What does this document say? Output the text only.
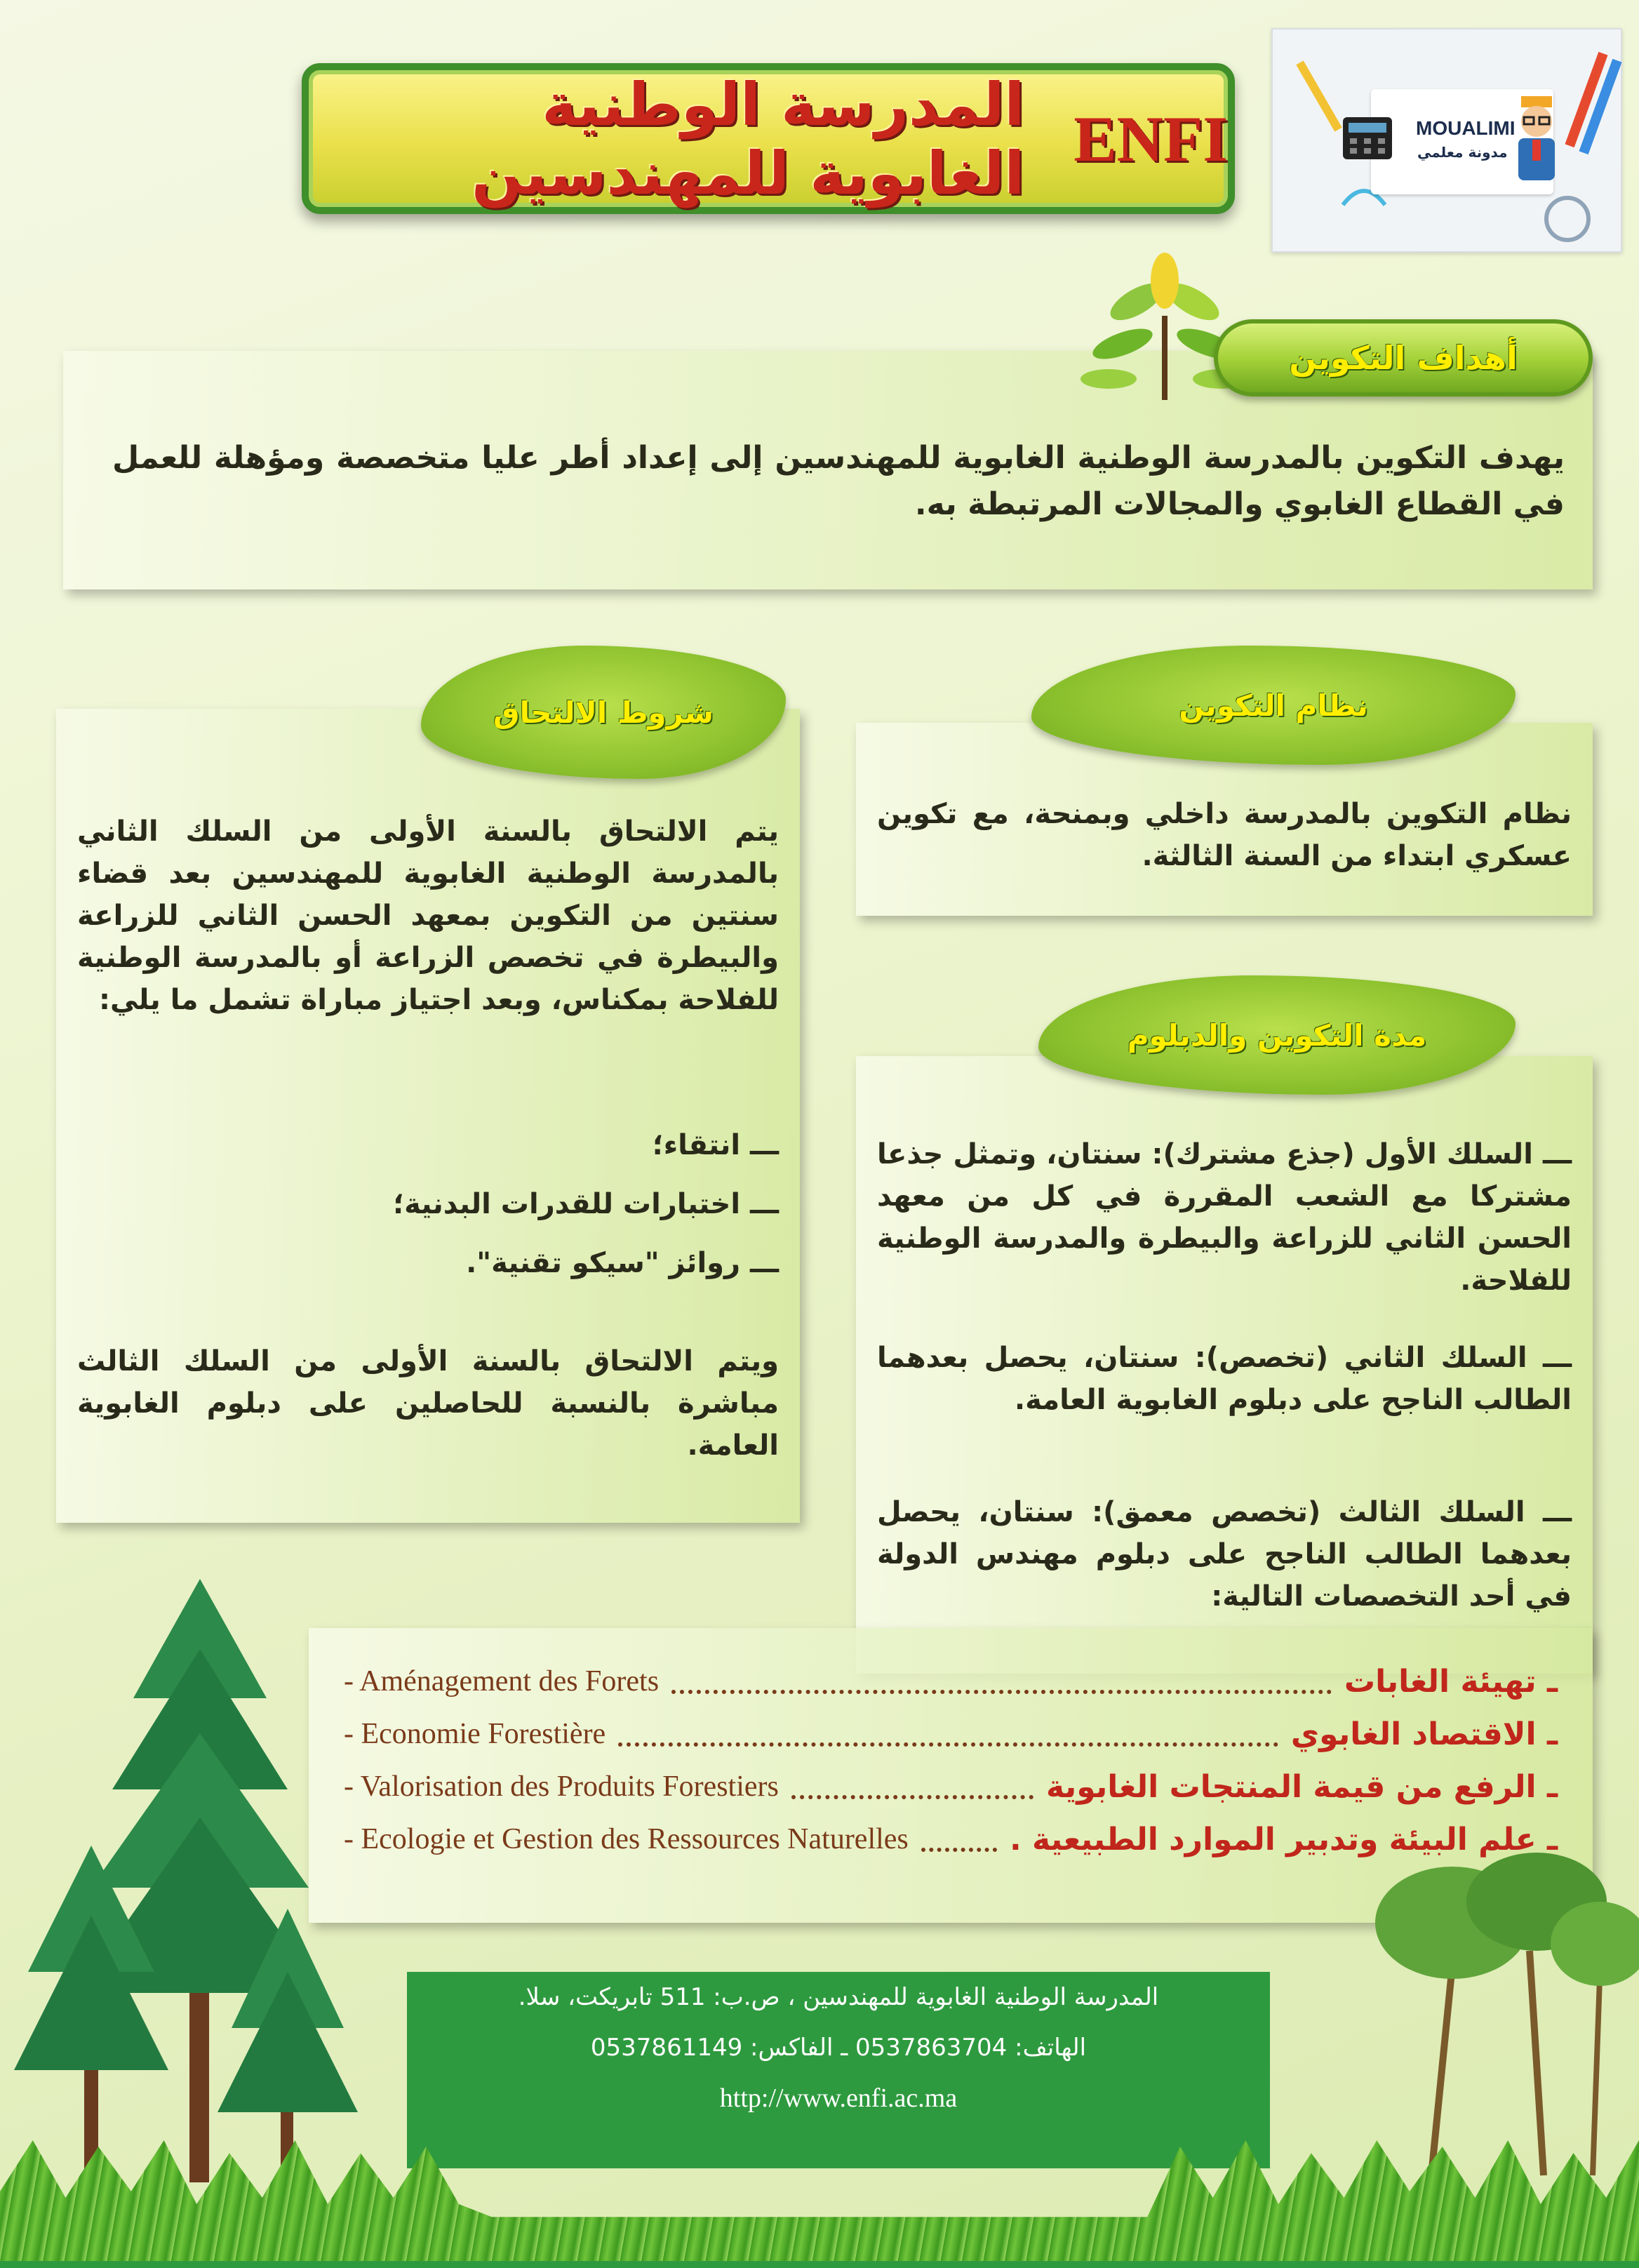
المدرسة الوطنية الغابوية للمهندسين ENFI	MOUALIMI
مدونة معلمي

يهدف التكوين بالمدرسة الوطنية الغابوية للمهندسين إلى إعداد أطر عليا متخصصة ومؤهلة للعمل في القطاع الغابوي والمجالات المرتبطة به.

أهداف التكوين

نظام التكوين بالمدرسة داخلي وبمنحة، مع تكوين عسكري ابتداء من السنة الثالثة.

نظام التكوين

يتم الالتحاق بالسنة الأولى من السلك الثاني بالمدرسة الوطنية الغابوية للمهندسين بعد قضاء سنتين من التكوين بمعهد الحسن الثاني للزراعة والبيطرة في تخصص الزراعة أو بالمدرسة الوطنية للفلاحة بمكناس، وبعد اجتياز مباراة تشمل ما يلي:

ـــ انتقاء؛
ـــ اختبارات للقدرات البدنية؛
ـــ روائز "سيكو تقنية".

ويتم الالتحاق بالسنة الأولى من السلك الثالث مباشرة بالنسبة للحاصلين على دبلوم الغابوية العامة.

شروط الالتحاق

ـــ السلك الأول (جذع مشترك): سنتان، وتمثل جذعا مشتركا مع الشعب المقررة في كل من معهد الحسن الثاني للزراعة والبيطرة والمدرسة الوطنية للفلاحة.

ـــ السلك الثاني (تخصص): سنتان، يحصل بعدهما الطالب الناجح على دبلوم الغابوية العامة.

ـــ السلك الثالث (تخصص معمق): سنتان، يحصل بعدهما الطالب الناجح على دبلوم مهندس الدولة في أحد التخصصات التالية:

مدة التكوين والدبلوم
- Aménagement des Forets	ـ تهيئة الغابات
- Economie Forestière	ـ الاقتصاد الغابوي
- Valorisation des Produits Forestiers	ـ الرفع من قيمة المنتجات الغابوية
- Ecologie et Gestion des Ressources Naturelles	ـ علم البيئة وتدبير الموارد الطبيعية .
المدرسة الوطنية الغابوية للمهندسين ، ص.ب: 511 تابريكت، سلا.
الهاتف: 0537863704 ـ الفاكس: 0537861149
http://www.enfi.ac.ma
